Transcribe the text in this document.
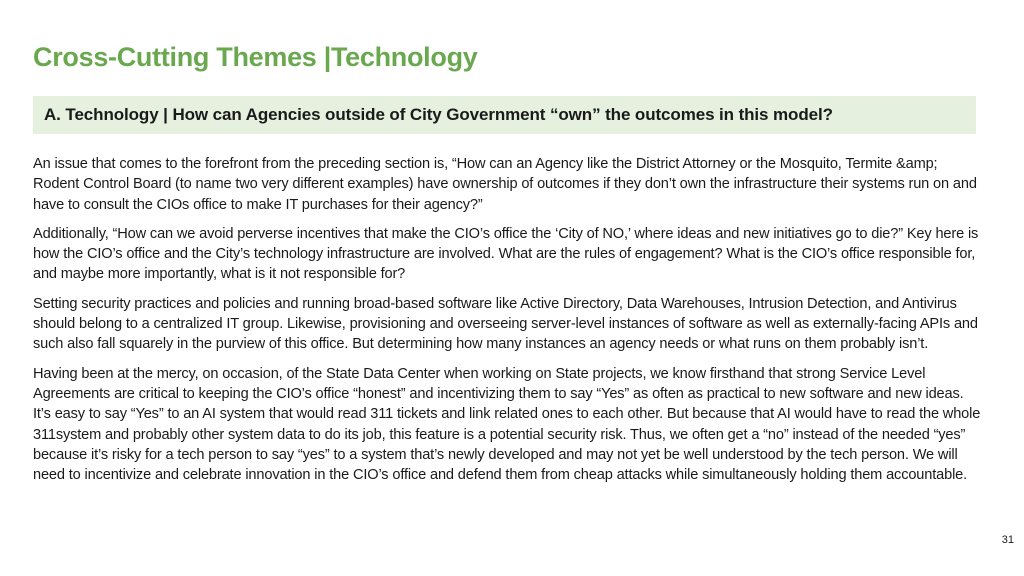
Cross-Cutting Themes |Technology
A. Technology | How can Agencies outside of City Government “own” the outcomes in this model?

An issue that comes to the forefront from the preceding section is, “How can an Agency like the District Attorney or the Mosquito, Termite &amp; Rodent Control Board (to name two very different examples) have ownership of outcomes if they don’t own the infrastructure their systems run on and have to consult the CIOs office to make IT purchases for their agency?”

Additionally, “How can we avoid perverse incentives that make the CIO’s office the ‘City of NO,’ where ideas and new initiatives go to die?” Key here is how the CIO’s office and the City’s technology infrastructure are involved. What are the rules of engagement? What is the CIO’s office responsible for, and maybe more importantly, what is it not responsible for?

Setting security practices and policies and running broad-based software like Active Directory, Data Warehouses, Intrusion Detection, and Antivirus should belong to a centralized IT group. Likewise, provisioning and overseeing server-level instances of software as well as externally-facing APIs and such also fall squarely in the purview of this office. But determining how many instances an agency needs or what runs on them probably isn’t.

Having been at the mercy, on occasion, of the State Data Center when working on State projects, we know firsthand that strong Service Level Agreements are critical to keeping the CIO’s office “honest” and incentivizing them to say “Yes” as often as practical to new software and new ideas. It’s easy to say “Yes” to an AI system that would read 311 tickets and link related ones to each other. But because that AI would have to read the whole 311system and probably other system data to do its job, this feature is a potential security risk. Thus, we often get a “no” instead of the needed “yes” because it’s risky for a tech person to say “yes” to a system that’s newly developed and may not yet be well understood by the tech person. We will need to incentivize and celebrate innovation in the CIO’s office and defend them from cheap attacks while simultaneously holding them accountable.

31
